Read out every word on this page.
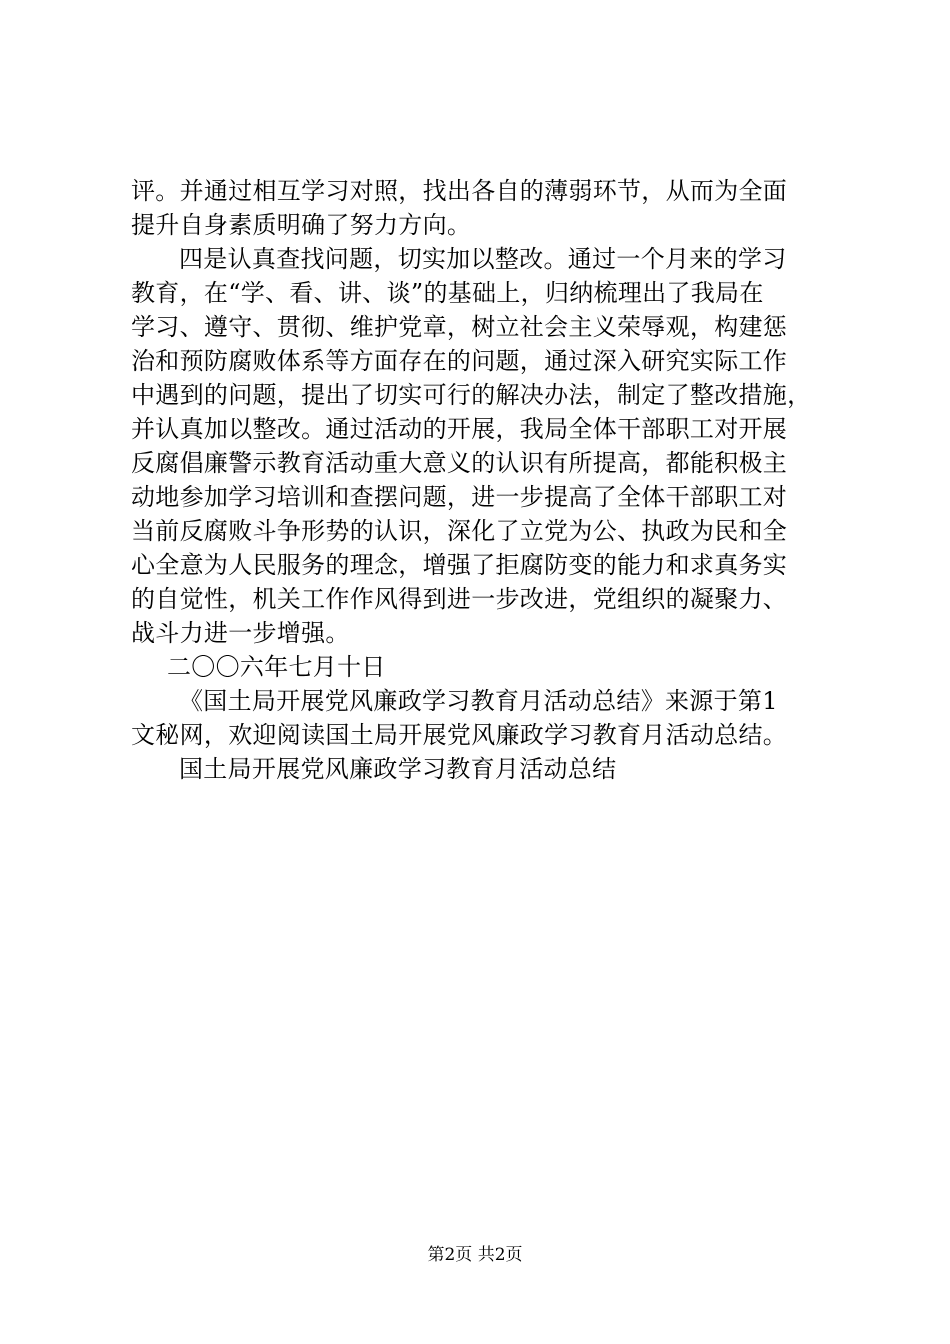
评。并通过相互学习对照，找出各自的薄弱环节，从而为全面
提升自身素质明确了努力方向。
四是认真查找问题，切实加以整改。通过一个月来的学习
教育，在“学、看、讲、谈”的基础上，归纳梳理出了我局在
学习、遵守、贯彻、维护党章，树立社会主义荣辱观，构建惩
治和预防腐败体系等方面存在的问题，通过深入研究实际工作
中遇到的问题，提出了切实可行的解决办法，制定了整改措施，
并认真加以整改。通过活动的开展，我局全体干部职工对开展
反腐倡廉警示教育活动重大意义的认识有所提高，都能积极主
动地参加学习培训和查摆问题，进一步提高了全体干部职工对
当前反腐败斗争形势的认识，深化了立党为公、执政为民和全
心全意为人民服务的理念，增强了拒腐防变的能力和求真务实
的自觉性，机关工作作风得到进一步改进，党组织的凝聚力、
战斗力进一步增强。
二〇〇六年七月十日
《国土局开展党风廉政学习教育月活动总结》来源于第1
文秘网，欢迎阅读国土局开展党风廉政学习教育月活动总结。
国土局开展党风廉政学习教育月活动总结
第2页 共2页
